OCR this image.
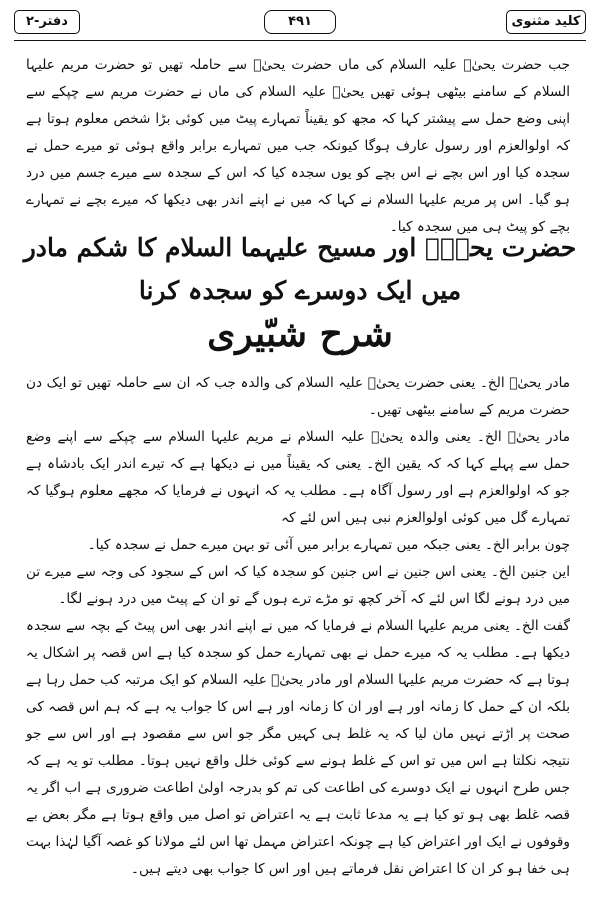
کلید مثنوی
۴۹۱
دفتر-۲
جب حضرت یحیٰؑ علیہ السلام کی ماں حضرت یحیٰؑ سے حاملہ تھیں تو حضرت مریم علیہا السلام کے سامنے بیٹھی ہوئی تھیں یحیٰؑ علیہ السلام کی ماں نے حضرت مریم سے چپکے سے اپنی وضع حمل سے پیشتر کہا کہ مجھ کو یقیناً تمہارے پیٹ میں کوئی بڑا شخص معلوم ہوتا ہے کہ اولوالعزم اور رسول عارف ہوگا کیونکہ جب میں تمہارے برابر واقع ہوئی تو میرے حمل نے سجدہ کیا اور اس بچے نے اس بچے کو یوں سجدہ کیا کہ اس کے سجدہ سے میرے جسم میں درد ہو گیا۔ اس پر مریم علیہا السلام نے کہا کہ میں نے اپنے اندر بھی دیکھا کہ میرے بچے نے تمہارے بچے کو پیٹ ہی میں سجدہ کیا۔
حضرت یحیٰؑ اور مسیح علیہما السلام کا شکم مادر
میں ایک دوسرے کو سجدہ کرنا
شرح شبّیری
مادر یحیٰؑ الخ۔ یعنی حضرت یحیٰؑ علیہ السلام کی والدہ جب کہ ان سے حاملہ تھیں تو ایک دن حضرت مریم کے سامنے بیٹھی تھیں۔
مادر یحیٰؑ الخ۔ یعنی والدہ یحیٰؑ علیہ السلام نے مریم علیہا السلام سے چپکے سے اپنے وضع حمل سے پہلے کہا کہ کہ یقین الخ۔ یعنی کہ یقیناً میں نے دیکھا ہے کہ تیرے اندر ایک بادشاہ ہے جو کہ اولوالعزم ہے اور رسول آگاہ ہے۔ مطلب یہ کہ انہوں نے فرمایا کہ مجھے معلوم ہوگیا کہ تمہارے گل میں کوئی اولوالعزم نبی ہیں اس لئے کہ
چون برابر الخ۔ یعنی جبکہ میں تمہارے برابر میں آئی تو بہن میرے حمل نے سجدہ کیا۔
این جنین الخ۔ یعنی اس جنین نے اس جنین کو سجدہ کیا کہ اس کے سجود کی وجہ سے میرے تن میں درد ہونے لگا اس لئے کہ آخر کچھ تو مڑے ترے ہوں گے تو ان کے پیٹ میں درد ہونے لگا۔
گفت الخ۔ یعنی مریم علیہا السلام نے فرمایا کہ میں نے اپنے اندر بھی اس پیٹ کے بچہ سے سجدہ دیکھا ہے۔ مطلب یہ کہ میرے حمل نے بھی تمہارے حمل کو سجدہ کیا ہے اس قصہ پر اشکال یہ ہوتا ہے کہ حضرت مریم علیہا السلام اور مادر یحیٰؑ علیہ السلام کو ایک مرتبہ کب حمل رہا ہے بلکہ ان کے حمل کا زمانہ اور ہے اور ان کا زمانہ اور ہے اس کا جواب یہ ہے کہ ہم اس قصہ کی صحت پر اڑتے نہیں مان لیا کہ یہ غلط ہی کہیں مگر جو اس سے مقصود ہے اور اس سے جو نتیجہ نکلتا ہے اس میں تو اس کے غلط ہونے سے کوئی خلل واقع نہیں ہوتا۔ مطلب تو یہ ہے کہ جس طرح انہوں نے ایک دوسرے کی اطاعت کی تم کو بدرجہ اولیٰ اطاعت ضروری ہے اب اگر یہ قصہ غلط بھی ہو تو کیا ہے یہ مدعا ثابت ہے یہ اعتراض تو اصل میں واقع ہوتا ہے مگر بعض بے وقوفوں نے ایک اور اعتراض کیا ہے چونکہ اعتراض مہمل تھا اس لئے مولانا کو غصہ آگیا لہٰذا بہت ہی خفا ہو کر ان کا اعتراض نقل فرماتے ہیں اور اس کا جواب بھی دیتے ہیں۔
